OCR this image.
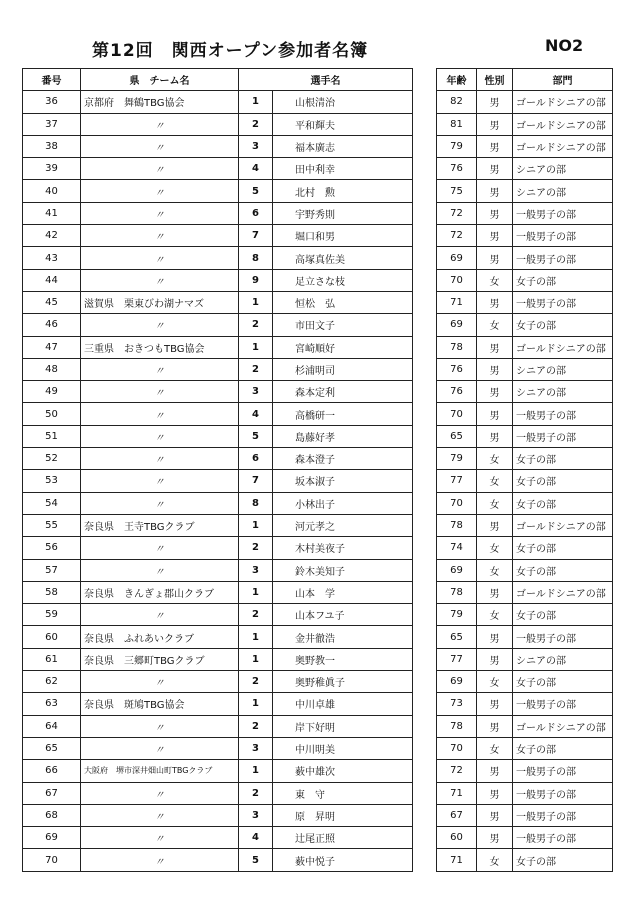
第12回　関西オープン参加者名簿	NO2
番号	県　チーム名	選手名	
36	京都府　舞鶴TBG協会	1	山根清治
37	〃	2	平和輝夫
38	〃	3	福本廣志
39	〃	4	田中利幸
40	〃	5	北村　勲
41	〃	6	宇野秀則
42	〃	7	堀口和男
43	〃	8	高塚真佐美
44	〃	9	足立さな枝
45	滋賀県　栗東びわ湖ナマズ	1	恒松　弘
46	〃	2	市田文子
47	三重県　おきつもTBG協会	1	宮崎順好
48	〃	2	杉浦明司
49	〃	3	森本定利
50	〃	4	高橋研一
51	〃	5	島藤好孝
52	〃	6	森本澄子
53	〃	7	坂本淑子
54	〃	8	小林出子
55	奈良県　王寺TBGクラブ	1	河元孝之
56	〃	2	木村美夜子
57	〃	3	鈴木美知子
58	奈良県　きんぎょ郡山クラブ	1	山本　学
59	〃	2	山本フユ子
60	奈良県　ふれあいクラブ	1	金井徹浩
61	奈良県　三郷町TBGクラブ	1	奥野教一
62	〃	2	奥野稚眞子
63	奈良県　斑鳩TBG協会	1	中川卓雄
64	〃	2	岸下好明
65	〃	3	中川明美
66	大阪府　堺市深井畑山町TBGクラブ	1	薮中雄次
67	〃	2	東　守
68	〃	3	原　昇明
69	〃	4	辻尾正照
70	〃	5	薮中悦子
年齢	性別	部門
82	男	ゴールドシニアの部
81	男	ゴールドシニアの部
79	男	ゴールドシニアの部
76	男	シニアの部
75	男	シニアの部
72	男	一般男子の部
72	男	一般男子の部
69	男	一般男子の部
70	女	女子の部
71	男	一般男子の部
69	女	女子の部
78	男	ゴールドシニアの部
76	男	シニアの部
76	男	シニアの部
70	男	一般男子の部
65	男	一般男子の部
79	女	女子の部
77	女	女子の部
70	女	女子の部
78	男	ゴールドシニアの部
74	女	女子の部
69	女	女子の部
78	男	ゴールドシニアの部
79	女	女子の部
65	男	一般男子の部
77	男	シニアの部
69	女	女子の部
73	男	一般男子の部
78	男	ゴールドシニアの部
70	女	女子の部
72	男	一般男子の部
71	男	一般男子の部
67	男	一般男子の部
60	男	一般男子の部
71	女	女子の部
